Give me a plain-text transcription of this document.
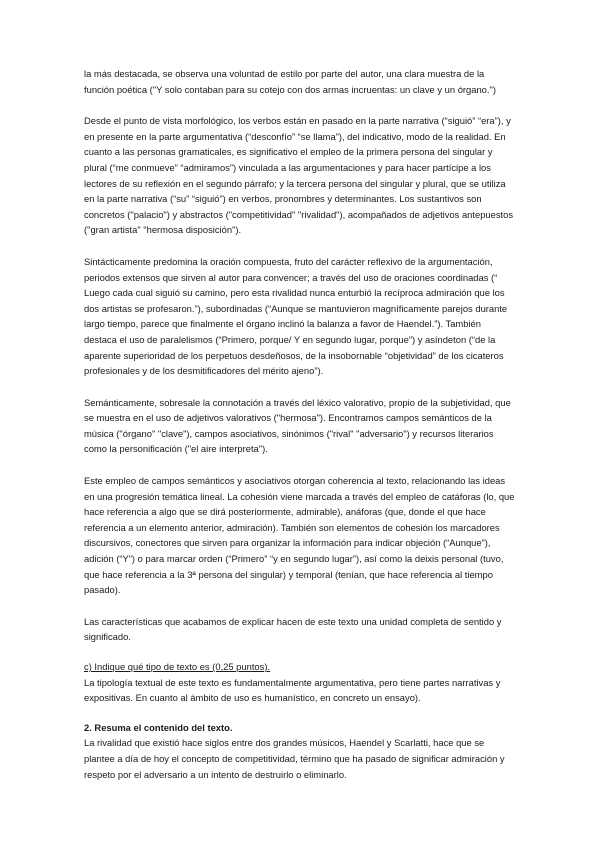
la más destacada, se observa una voluntad de estilo por parte del autor, una clara muestra de la función poética ("Y solo contaban para su cotejo con dos armas incruentas: un clave y un órgano.")

Desde el punto de vista morfológico, los verbos están en pasado en la parte narrativa (“siguió” “era”), y en presente en la parte argumentativa (“desconfío” “se llama”), del indicativo, modo de la realidad. En cuanto a las personas gramaticales, es significativo el empleo de la primera persona del singular y plural (“me conmueve” “admiramos”) vinculada a las argumentaciones y para hacer partícipe a los lectores de su reflexión en el segundo párrafo; y la tercera persona del singular y plural, que se utiliza en la parte narrativa (“su” “siguió”) en verbos, pronombres y determinantes. Los sustantivos son concretos ("palacio") y abstractos ("competitividad" "rivalidad"), acompañados de adjetivos antepuestos ("gran artista" "hermosa disposición").

Sintácticamente predomina la oración compuesta, fruto del carácter reflexivo de la argumentación, periodos extensos que sirven al autor para convencer; a través del uso de oraciones coordinadas (“ Luego cada cual siguió su camino, pero esta rivalidad nunca enturbió la recíproca admiración que los dos artistas se profesaron.”), subordinadas (“Aunque se mantuvieron magníficamente parejos durante largo tiempo, parece que finalmente el órgano inclinó la balanza a favor de Haendel.”). También destaca el uso de paralelismos (“Primero, porque/ Y en segundo lugar, porque”) y asíndeton (“de la aparente superioridad de los perpetuos desdeñosos, de la insobornable “objetividad” de los cicateros profesionales y de los desmitificadores del mérito ajeno”).

Semánticamente, sobresale la connotación a través del léxico valorativo, propio de la subjetividad, que se muestra en el uso de adjetivos valorativos ("hermosa"). Encontramos campos semánticos de la música ("órgano" "clave"), campos asociativos, sinónimos ("rival" "adversario") y recursos literarios como la personificación ("el aire interpreta").

Este empleo de campos semánticos y asociativos otorgan coherencia al texto, relacionando las ideas en una progresión temática lineal. La cohesión viene marcada a través del empleo de catáforas (lo, que hace referencia a algo que se dirá posteriormente, admirable), anáforas (que, donde el que hace referencia a un elemento anterior, admiración). También son elementos de cohesión los marcadores discursivos, conectores que sirven para organizar la información para indicar objeción (“Aunque”), adición (“Y”) o para marcar orden (“Primero” “y en segundo lugar”), así como la deixis personal (tuvo, que hace referencia a la 3ª persona del singular) y temporal (tenían, que hace referencia al tiempo pasado).

Las características que acabamos de explicar hacen de este texto una unidad completa de sentido y significado.

c) Indique qué tipo de texto es (0,25 puntos).

La tipología textual de este texto es fundamentalmente argumentativa, pero tiene partes narrativas y expositivas. En cuanto al ámbito de uso es humanístico, en concreto un ensayo).

2. Resuma el contenido del texto.

La rivalidad que existió hace siglos entre dos grandes músicos, Haendel y Scarlatti, hace que se plantee a día de hoy el concepto de competitividad, término que ha pasado de significar admiración y respeto por el adversario a un intento de destruirlo o eliminarlo.
